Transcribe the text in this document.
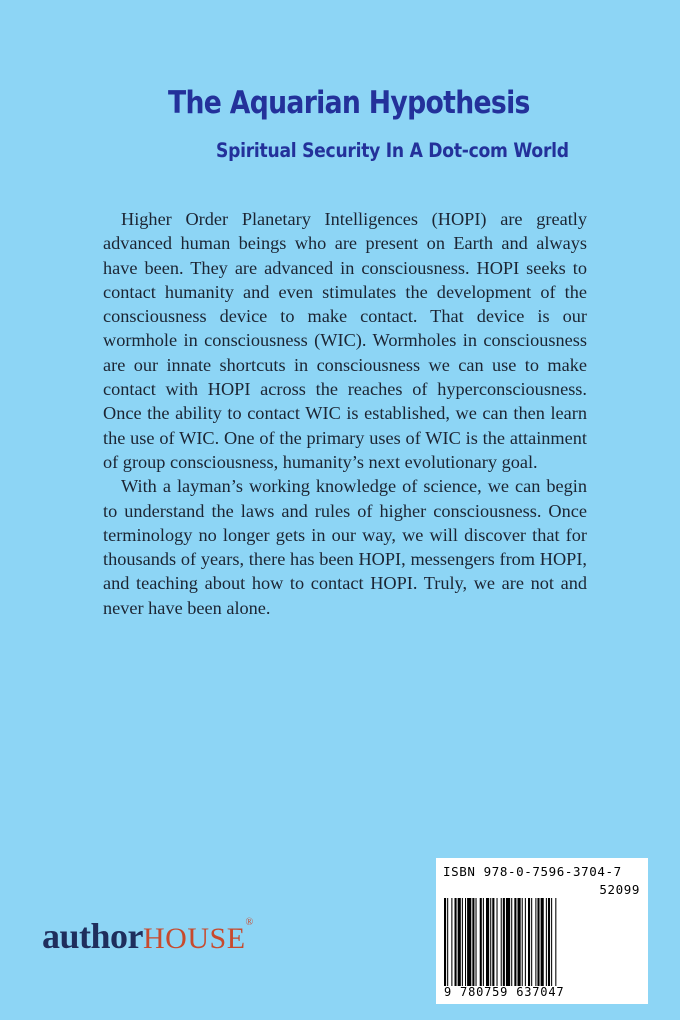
The Aquarian Hypothesis
Spiritual Security In A Dot-com World

Higher Order Planetary Intelligences (HOPI) are greatly advanced human beings who are present on Earth and always have been. They are advanced in consciousness. HOPI seeks to contact humanity and even stimulates the development of the consciousness device to make contact. That device is our wormhole in consciousness (WIC). Wormholes in consciousness are our innate shortcuts in consciousness we can use to make contact with HOPI across the reaches of hyperconsciousness. Once the ability to contact WIC is established, we can then learn the use of WIC. One of the primary uses of WIC is the attainment of group consciousness, humanity’s next evolutionary goal.

With a layman’s working knowledge of science, we can begin to understand the laws and rules of higher consciousness. Once terminology no longer gets in our way, we will discover that for thousands of years, there has been HOPI, messengers from HOPI, and teaching about how to contact HOPI. Truly, we are not and never have been alone.

authorHOUSE®
ISBN 978-0-7596-3704-7
52099
9 780759 637047
